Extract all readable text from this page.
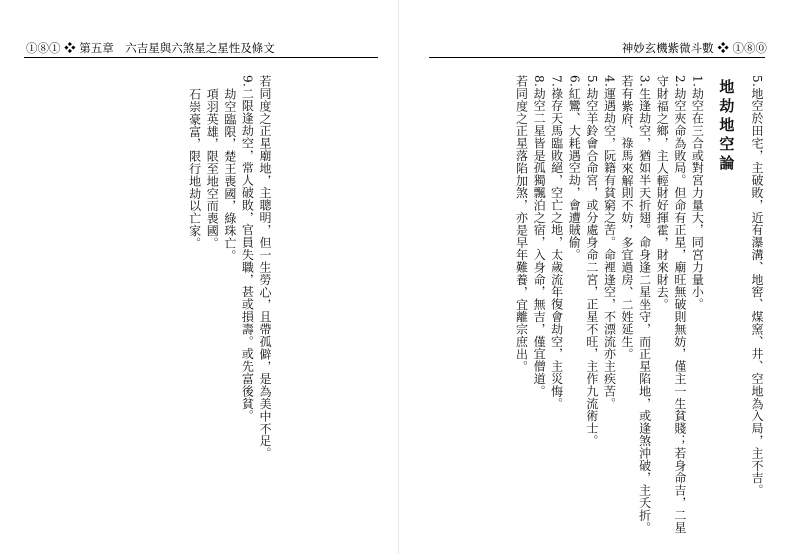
①⑧① ❖ 第五章　六吉星與六煞星之星性及條文
若同度之正星廟地，主聰明，但一生勞心，且帶孤僻，是為美中不足。
9.二限逢劫空，常人破敗，官員失職，甚或損壽。或先富後貧。
劫空臨限，楚王喪國，綠珠亡。
項羽英雄，限至地空而喪國。
石崇豪富，限行地劫以亡家。
神妙玄機紫微斗數 ❖ ①⑧⓪
5.地空於田宅，主破敗，近有瀑溝、地窖、煤窯、井、空地為入局，主不吉。
地劫地空論
1.劫空在三合或對宮力量大，同宮力量小。
2.劫空夾命為敗局。但命有正星，廟旺無破則無妨，僅主一生貧賤；若身命吉，二星
守財福之鄉，主人輕財好揮霍，財來財去。
3.生逢劫空，猶如半天折翅。命身逢二星坐守，而正星陷地，或逢煞沖破，主夭折。
若有紫府、祿馬來解則不妨，多宜過房、二姓延生。
4.運遇劫空，阮籍有貧窮之苦。命裡逢空，不漂流亦主疾苦。
5.劫空羊鈴會合命宮，或分處身命二宮，正星不旺，主作九流術士。
6.紅鸞、大耗遇空劫，會遭賊偷。
7.祿存天馬臨敗絕，空亡之地，太歲流年復會劫空，主災悔。
8.劫空二星皆是孤獨飄泊之宿，入身命，無吉，僅宜僧道。
若同度之正星落陷加煞，亦是早年難養，宜離宗庶出。
